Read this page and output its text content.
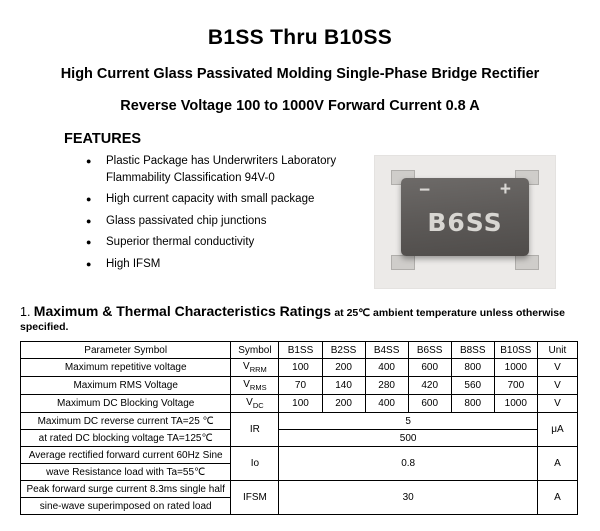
B1SS Thru B10SS
High Current Glass Passivated Molding Single-Phase Bridge Rectifier
Reverse Voltage 100 to 1000V Forward Current 0.8 A
FEATURES
● Plastic Package has Underwriters Laboratory
Flammability Classification 94V-0
● High current capacity with small package
● Glass passivated chip junctions
● Superior thermal conductivity
● High IFSM
−	+
B6SS
1. Maximum & Thermal Characteristics Ratings at 25℃ ambient temperature unless otherwise specified.
Parameter Symbol	Symbol	B1SS	B2SS	B4SS	B6SS	B8SS	B10SS	Unit
Maximum repetitive voltage	$V_{RRM}$	100	200	400	600	800	1000	V
Maximum RMS Voltage	$V_{RMS}$	70	140	280	420	560	700	V
Maximum DC Blocking Voltage	$V_{DC}$	100	200	400	600	800	1000	V
Maximum DC reverse current TA=25 ℃	IR	5						μA
at rated DC blocking voltage TA=125℃		500						
Average rectified forward current 60Hz Sine	Io	0.8						A
wave Resistance load with Ta=55℃								
Peak forward surge current 8.3ms single half	IFSM	30						A
sine-wave superimposed on rated load								
